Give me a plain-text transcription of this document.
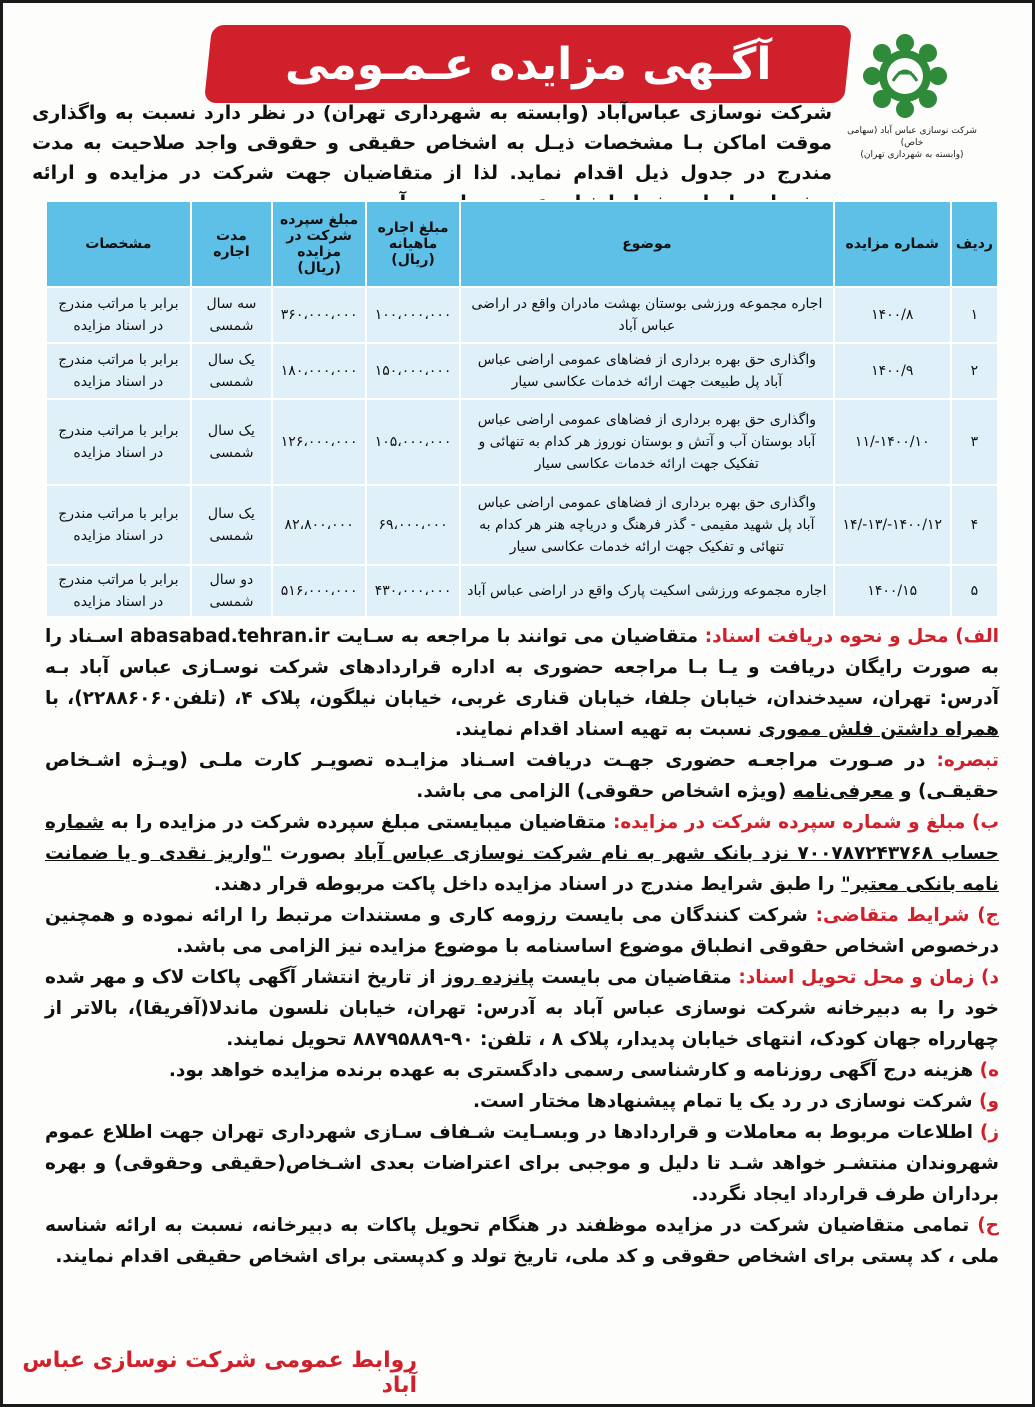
آگـهی مزایده عـمـومی
شرکت نوسازی عباس آباد (سهامی خاص)
(وابسته به شهرداری تهران)
شرکت نوسازی عباس‌آباد (وابسته به شهرداری تهران) در نظر دارد نسبت به واگذاری موقت اماکن بـا مشخصات ذیـل به اشخاص حقیقی و حقوقی واجد صلاحیت به مدت مندرج در جدول ذیل اقدام نماید. لذا از متقاضیان جهت شرکت در مزایده و ارائه
ردیف	شماره مزایده	موضوع	مبلغ اجاره ماهیانه (ریال)	مبلغ سپرده شرکت در مزایده (ریال)	مدت اجاره	مشخصات
۱	۱۴۰۰/۸	اجاره مجموعه ورزشی بوستان بهشت مادران واقع در اراضی عباس آباد	۱۰۰،۰۰۰،۰۰۰	۳۶۰،۰۰۰،۰۰۰	سه سال شمسی	برابر با مراتب مندرج در اسناد مزایده
۲	۱۴۰۰/۹	واگذاری حق بهره برداری از فضاهای عمومی اراضی عباس آباد پل طبیعت جهت ارائه خدمات عکاسی سیار	۱۵۰،۰۰۰،۰۰۰	۱۸۰،۰۰۰،۰۰۰	یک سال شمسی	برابر با مراتب مندرج در اسناد مزایده
۳	۱۴۰۰/۱۰-/۱۱	واگذاری حق بهره برداری از فضاهای عمومی اراضی عباس آباد بوستان آب و آتش و بوستان نوروز هر کدام به تنهائی و تفکیک جهت ارائه خدمات عکاسی سیار	۱۰۵،۰۰۰،۰۰۰	۱۲۶،۰۰۰،۰۰۰	یک سال شمسی	برابر با مراتب مندرج در اسناد مزایده
۴	۱۴۰۰/۱۲-/۱۳-/۱۴	واگذاری حق بهره برداری از فضاهای عمومی اراضی عباس آباد پل شهید مقیمی - گذر فرهنگ و دریاچه هنر هر کدام به تنهائی و تفکیک جهت ارائه خدمات عکاسی سیار	۶۹،۰۰۰،۰۰۰	۸۲،۸۰۰،۰۰۰	یک سال شمسی	برابر با مراتب مندرج در اسناد مزایده
۵	۱۴۰۰/۱۵	اجاره مجموعه ورزشی اسکیت پارک واقع در اراضی عباس آباد	۴۳۰،۰۰۰،۰۰۰	۵۱۶،۰۰۰،۰۰۰	دو سال شمسی	برابر با مراتب مندرج در اسناد مزایده

الف) محل و نحوه دریافت اسناد: متقاضیان می توانند با مراجعه به سـایت abasabad.tehran.ir اسـناد را به صورت رایگان دریافت و یـا بـا مراجعه حضوری به اداره قراردادهای شرکت نوسـازی عباس آباد بـه آدرس: تهران، سیدخندان، خیابان جلفا، خیابان قناری غربی، خیابان نیلگون، پلاک ۴، (تلفن۲۲۸۸۶۰۶۰)، با همراه داشتن فلش مموری نسبت به تهیه اسناد اقدام نمایند.

تبصره: در صـورت مراجعـه حضوری جهـت دریافت اسـناد مزایـده تصویـر کارت ملـی (ویـژه اشـخاص حقیقـی) و معرفی‌نامه (ویژه اشخاص حقوقی) الزامی می باشد.

ب) مبلغ و شماره سپرده شرکت در مزایده: متقاضیان میبایستی مبلغ سپرده شرکت در مزایده را به شماره حساب ۷۰۰۷۸۷۲۴۳۷۶۸ نزد بانک شهر به نام شرکت نوسازی عباس آباد بصورت "واریز نقدی و یا ضمانت نامه بانکی معتبر" را طبق شرایط مندرج در اسناد مزایده داخل پاکت مربوطه قرار دهند.

ج) شرایط متقاضی: شرکت کنندگان می بایست رزومه کاری و مستندات مرتبط را ارائه نموده و همچنین درخصوص اشخاص حقوقی انطباق موضوع اساسنامه با موضوع مزایده نیز الزامی می باشد.

د) زمان و محل تحویل اسناد: متقاضیان می بایست پانزده روز از تاریخ انتشار آگهی پاکات لاک و مهر شده خود را به دبیرخانه شرکت نوسازی عباس آباد به آدرس: تهران، خیابان نلسون ماندلا(آفریقا)، بالاتر از چهارراه جهان کودک، انتهای خیابان پدیدار، پلاک ۸ ، تلفن: ۹۰-۸۸۷۹۵۸۸۹ تحویل نمایند.

ه) هزینه درج آگهی روزنامه و کارشناسی رسمی دادگستری به عهده برنده مزایده خواهد بود.

و) شرکت نوسازی در رد یک یا تمام پیشنهادها مختار است.

ز) اطلاعات مربوط به معاملات و قراردادها در وبسـایت شـفاف سـازی شهرداری تهران جهت اطلاع عموم شهروندان منتشـر خواهد شـد تا دلیل و موجبی برای اعتراضات بعدی اشـخاص(حقیقی وحقوقی) و بهره برداران طرف قرارداد ایجاد نگردد.

ح) تمامی متقاضیان شرکت در مزایده موظفند در هنگام تحویل پاکات به دبیرخانه، نسبت به ارائه شناسه ملی ، کد پستی برای اشخاص حقوقی و کد ملی، تاریخ تولد و کدپستی برای اشخاص حقیقی اقدام نمایند.

روابط عمومی شرکت نوسازی عباس آباد
